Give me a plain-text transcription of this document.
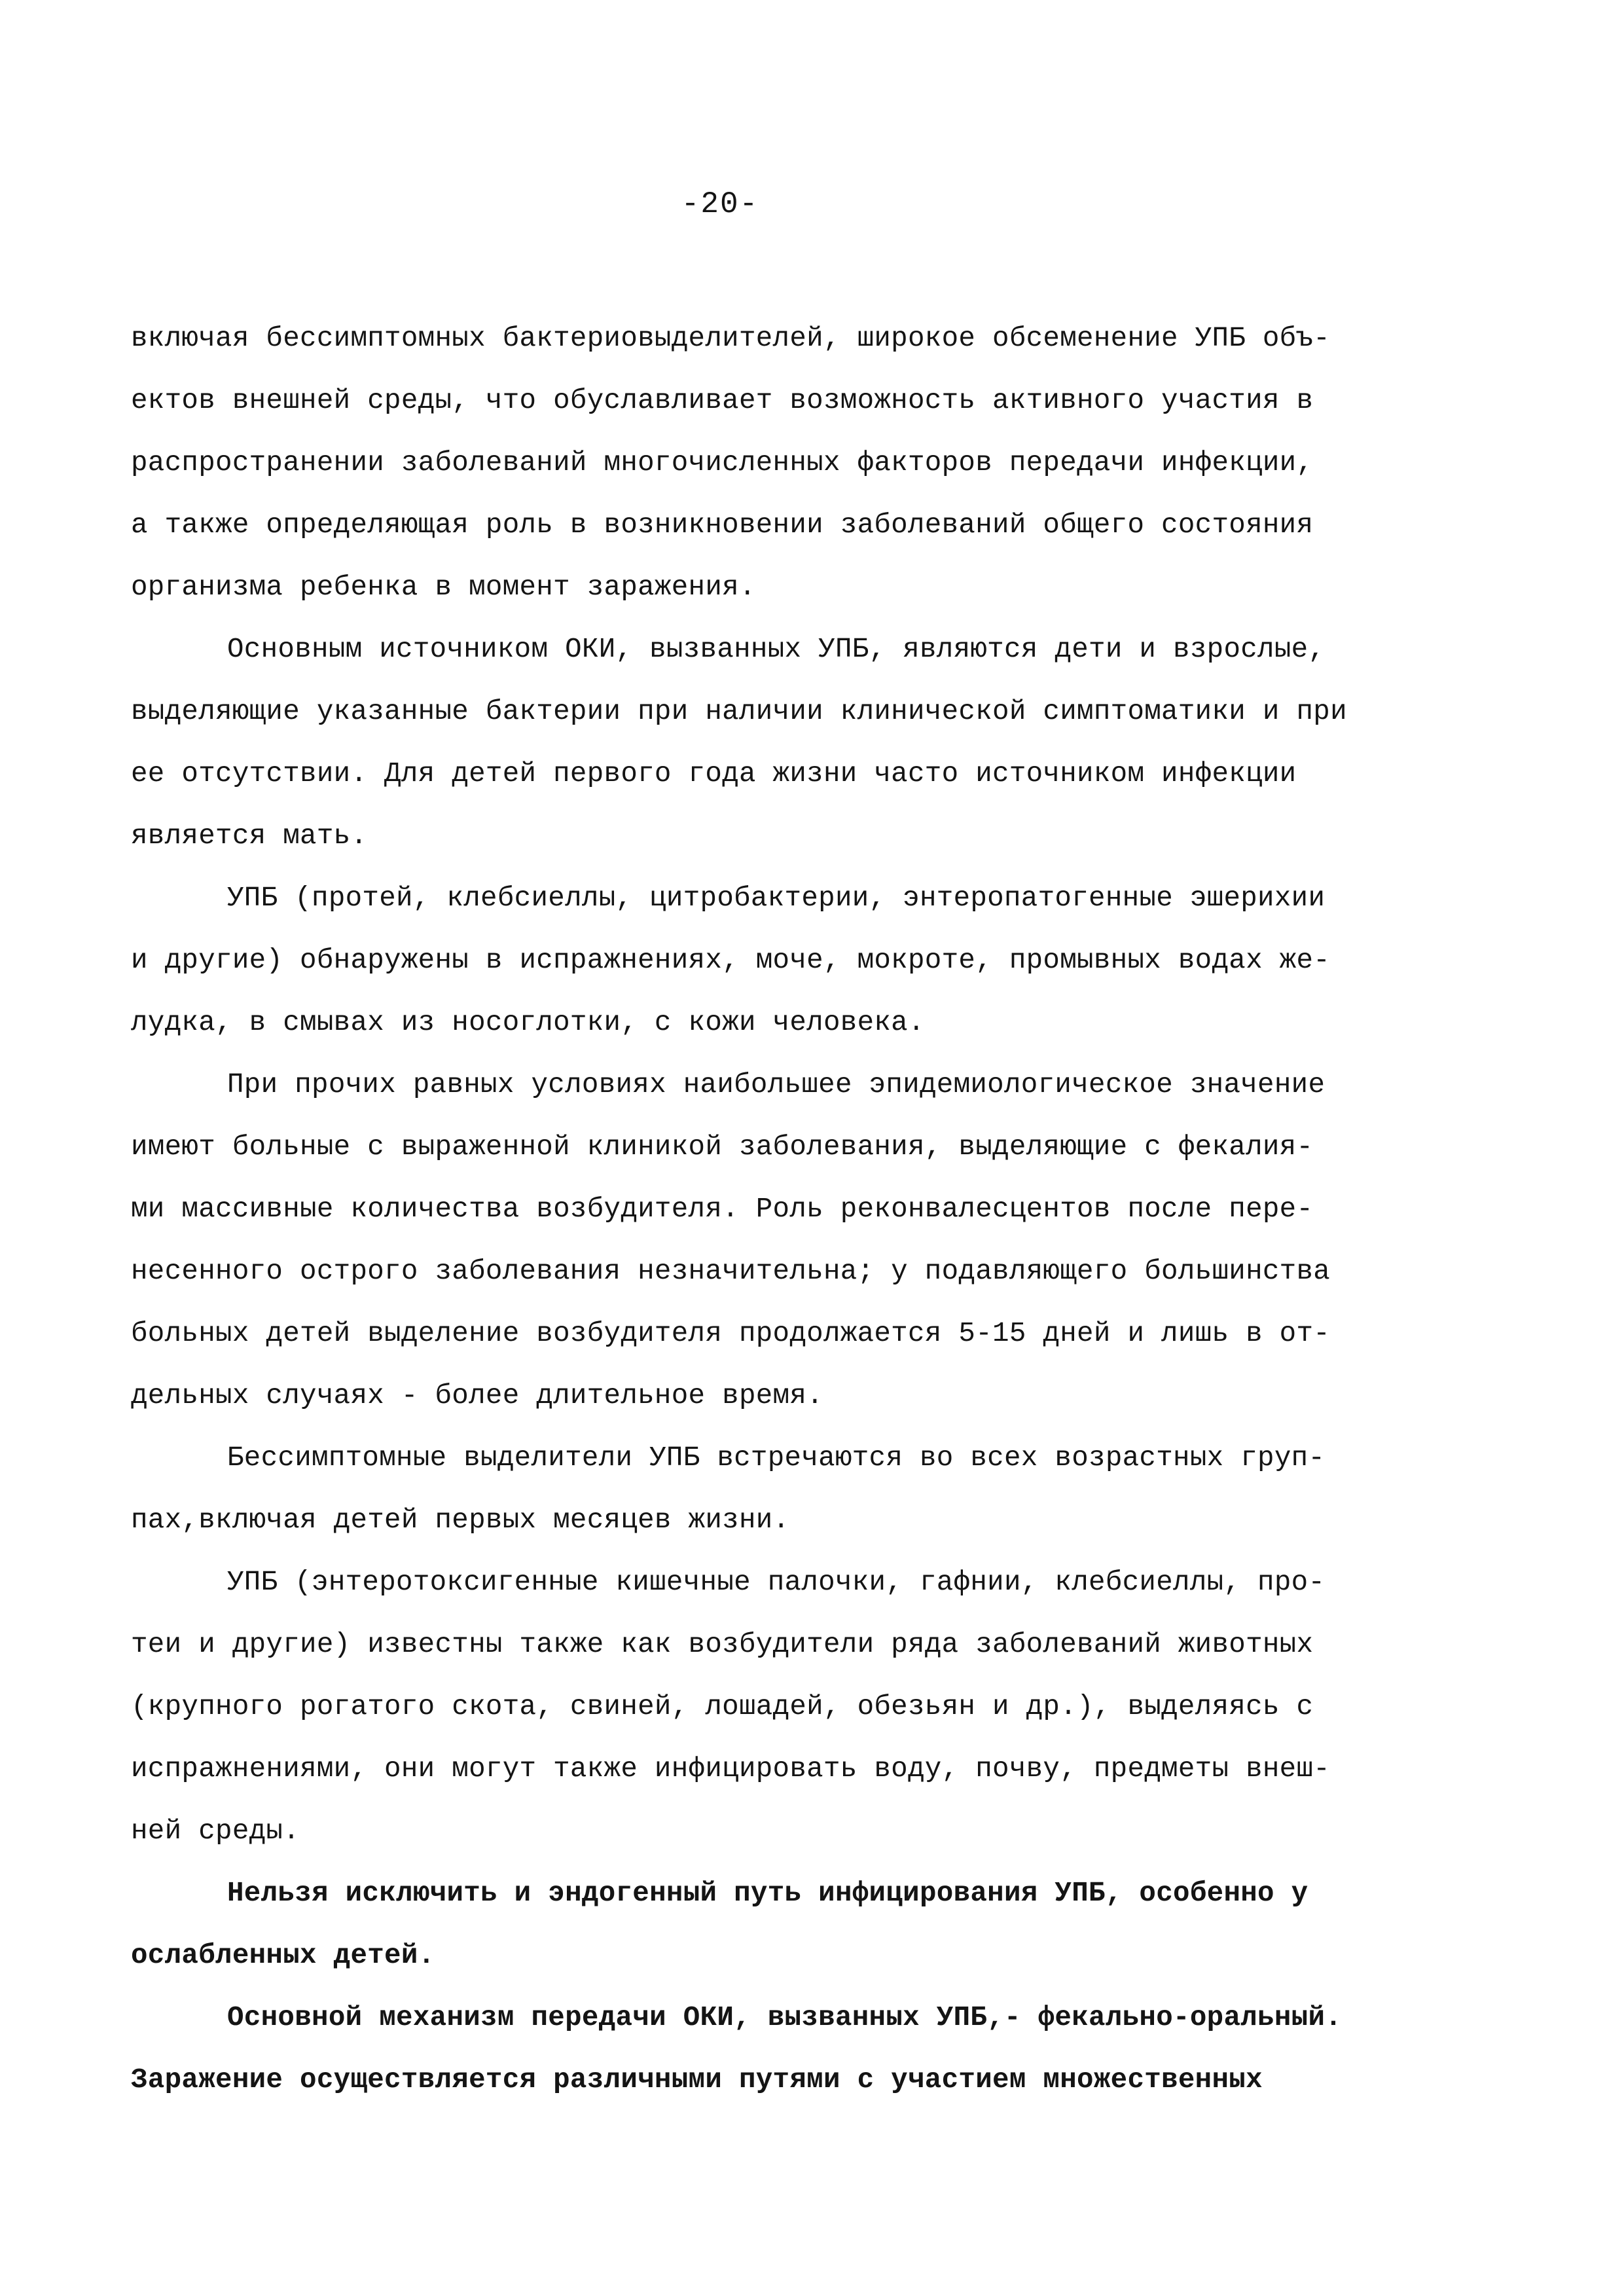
-20-

включая бессимптомных бактериовыделителей, широкое обсеменение УПБ объ-
ектов внешней среды, что обуславливает возможность активного участия в
распространении заболеваний многочисленных факторов передачи инфекции,
а также определяющая роль в возникновении заболеваний общего состояния
организма ребенка в момент заражения.

Основным источником ОКИ, вызванных УПБ, являются дети и взрослые,
выделяющие указанные бактерии при наличии клинической симптоматики и при
ее отсутствии. Для детей первого года жизни часто источником инфекции
является мать.

УПБ (протей, клебсиеллы, цитробактерии, энтеропатогенные эшерихии
и другие) обнаружены в испражнениях, моче, мокроте, промывных водах же-
лудка, в смывах из носоглотки, с кожи человека.

При прочих равных условиях наибольшее эпидемиологическое значение
имеют больные с выраженной клиникой заболевания, выделяющие с фекалия-
ми массивные количества возбудителя. Роль реконвалесцентов после пере-
несенного острого заболевания незначительна; у подавляющего большинства
больных детей выделение возбудителя продолжается 5-15 дней и лишь в от-
дельных случаях - более длительное время.

Бессимптомные выделители УПБ встречаются во всех возрастных груп-
пах,включая детей первых месяцев жизни.

УПБ (энтеротоксигенные кишечные палочки, гафнии, клебсиеллы, про-
теи и другие) известны также как возбудители ряда заболеваний животных
(крупного рогатого скота, свиней, лошадей, обезьян и др.), выделяясь с
испражнениями, они могут также инфицировать воду, почву, предметы внеш-
ней среды.

Нельзя исключить и эндогенный путь инфицирования УПБ, особенно у
ослабленных детей.

Основной механизм передачи ОКИ, вызванных УПБ,- фекально-оральный.
Заражение осуществляется различными путями с участием множественных
